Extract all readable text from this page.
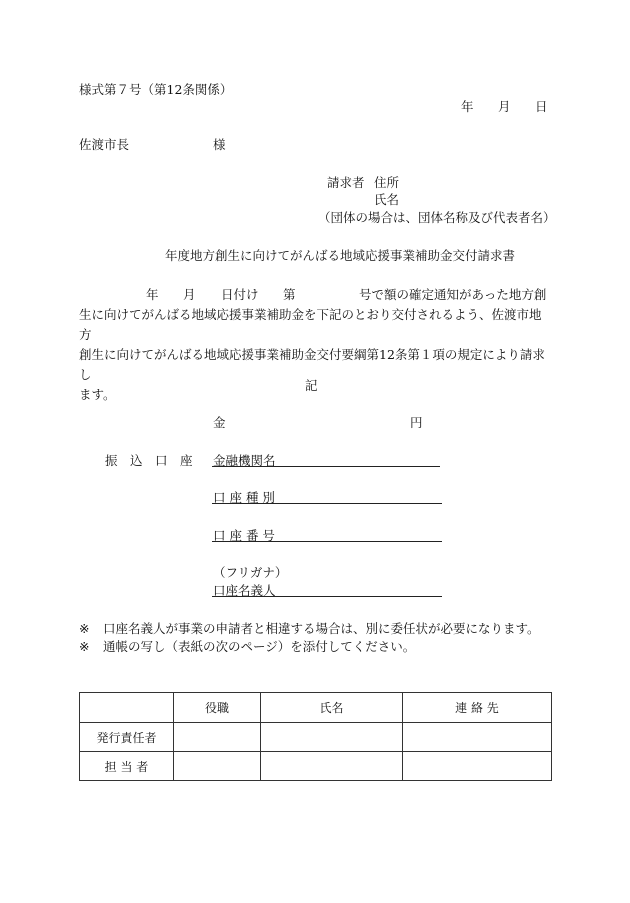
様式第７号（第12条関係）
年 月 日
佐渡市長	様
請求者 住所
氏名
（団体の場合は、団体名称及び代表者名）
年度地方創生に向けてがんばる地域応援事業補助金交付請求書
年 月 日付け 第	号で額の確定通知があった地方創
生に向けてがんばる地域応援事業補助金を下記のとおり交付されるよう、佐渡市地方
創生に向けてがんばる地域応援事業補助金交付要綱第12条第１項の規定により請求し
ます。
記
金	円
振　込　口　座 金融機関名
口 座 種 別
口 座 番 号
（フリガナ）
口座名義人
※ 口座名義人が事業の申請者と相違する場合は、別に委任状が必要になります。
※ 通帳の写し（表紙の次のページ）を添付してください。
	役職	氏名	連 絡 先
発行責任者			
担 当 者			
